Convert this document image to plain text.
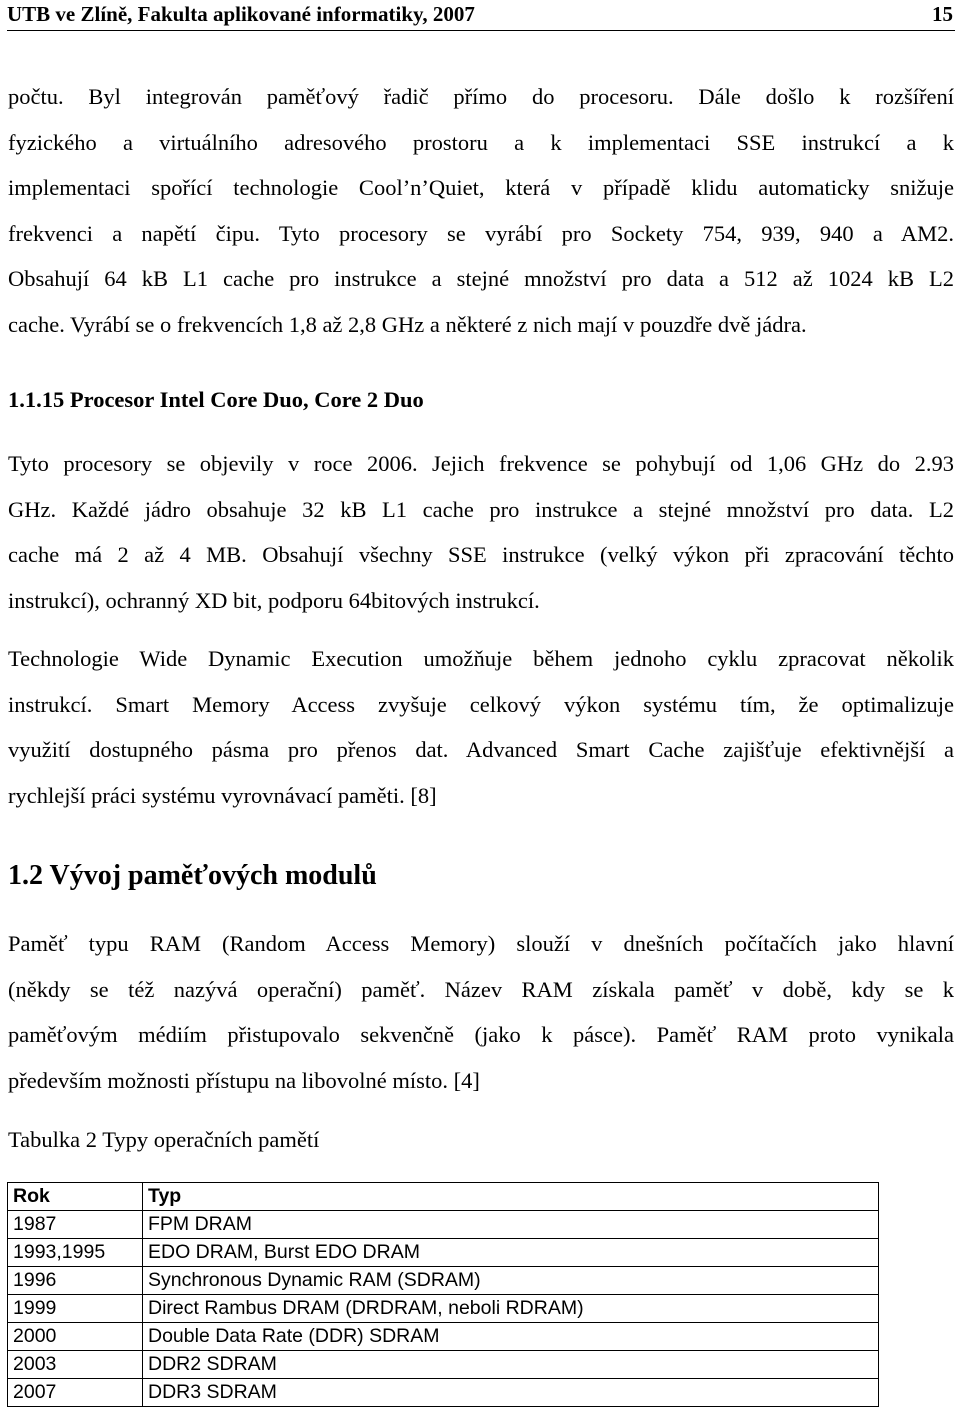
UTB ve Zlíně, Fakulta aplikované informatiky, 2007	15
počtu. Byl integrován paměťový řadič přímo do procesoru. Dále došlo k rozšíření
fyzického a virtuálního adresového prostoru a k implementaci SSE instrukcí a k
implementaci spořící technologie Cool’n’Quiet, která v případě klidu automaticky snižuje
frekvenci a napětí čipu. Tyto procesory se vyrábí pro Sockety 754, 939, 940 a AM2.
Obsahují 64 kB L1 cache pro instrukce a stejné množství pro data a 512 až 1024 kB L2
cache. Vyrábí se o frekvencích 1,8 až 2,8 GHz a některé z nich mají v pouzdře dvě jádra.
1.1.15 Procesor Intel Core Duo, Core 2 Duo
Tyto procesory se objevily v roce 2006. Jejich frekvence se pohybují od 1,06 GHz do 2.93
GHz. Každé jádro obsahuje 32 kB L1 cache pro instrukce a stejné množství pro data. L2
cache má 2 až 4 MB. Obsahují všechny SSE instrukce (velký výkon při zpracování těchto
instrukcí), ochranný XD bit, podporu 64bitových instrukcí.
Technologie Wide Dynamic Execution umožňuje během jednoho cyklu zpracovat několik
instrukcí. Smart Memory Access zvyšuje celkový výkon systému tím, že optimalizuje
využití dostupného pásma pro přenos dat. Advanced Smart Cache zajišťuje efektivnější a
rychlejší práci systému vyrovnávací paměti. [8]
1.2 Vývoj paměťových modulů
Paměť typu RAM (Random Access Memory) slouží v dnešních počítačích jako hlavní
(někdy se též nazývá operační) paměť. Název RAM získala paměť v době, kdy se k
paměťovým médiím přistupovalo sekvenčně (jako k pásce). Paměť RAM proto vynikala
především možnosti přístupu na libovolné místo. [4]
Tabulka 2 Typy operačních pamětí
Rok	Typ
1987	FPM DRAM
1993,1995	EDO DRAM, Burst EDO DRAM
1996	Synchronous Dynamic RAM (SDRAM)
1999	Direct Rambus DRAM (DRDRAM, neboli RDRAM)
2000	Double Data Rate (DDR) SDRAM
2003	DDR2 SDRAM
2007	DDR3 SDRAM
